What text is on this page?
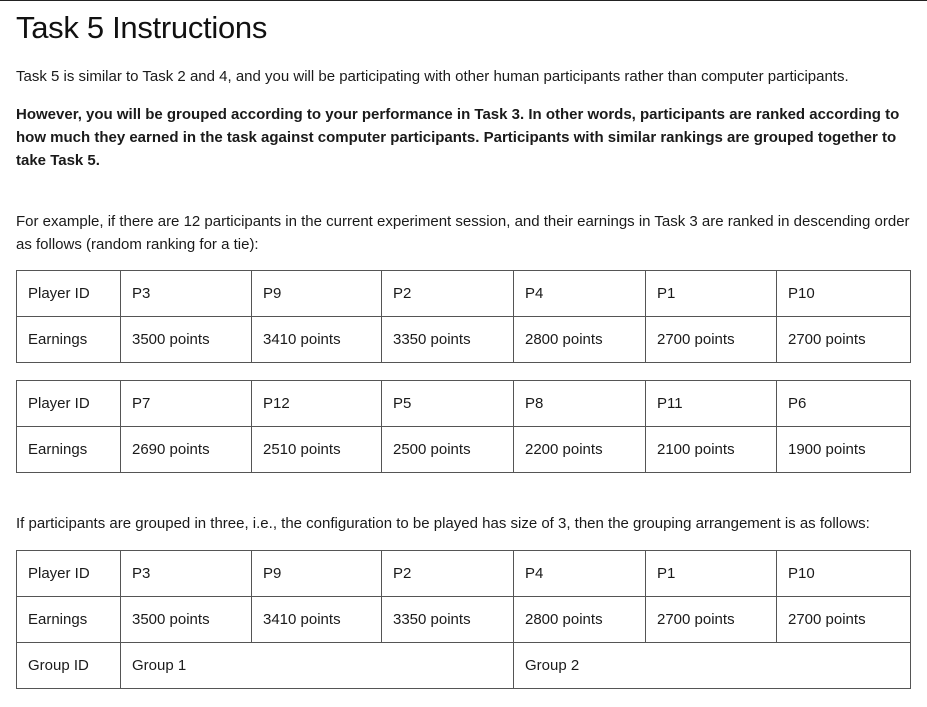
Task 5 Instructions

Task 5 is similar to Task 2 and 4, and you will be participating with other human participants rather than computer participants.

However, you will be grouped according to your performance in Task 3. In other words, participants are ranked according to how much they earned in the task against computer participants. Participants with similar rankings are grouped together to take Task 5.

For example, if there are 12 participants in the current experiment session, and their earnings in Task 3 are ranked in descending order as follows (random ranking for a tie):

Player ID	P3	P9	P2	P4	P1	P10
Earnings	3500 points	3410 points	3350 points	2800 points	2700 points	2700 points
Player ID	P7	P12	P5	P8	P11	P6
Earnings	2690 points	2510 points	2500 points	2200 points	2100 points	1900 points

If participants are grouped in three, i.e., the configuration to be played has size of 3, then the grouping arrangement is as follows:

Player ID	P3	P9	P2	P4	P1	P10
Earnings	3500 points	3410 points	3350 points	2800 points	2700 points	2700 points
Group ID	Group 1			Group 2		
